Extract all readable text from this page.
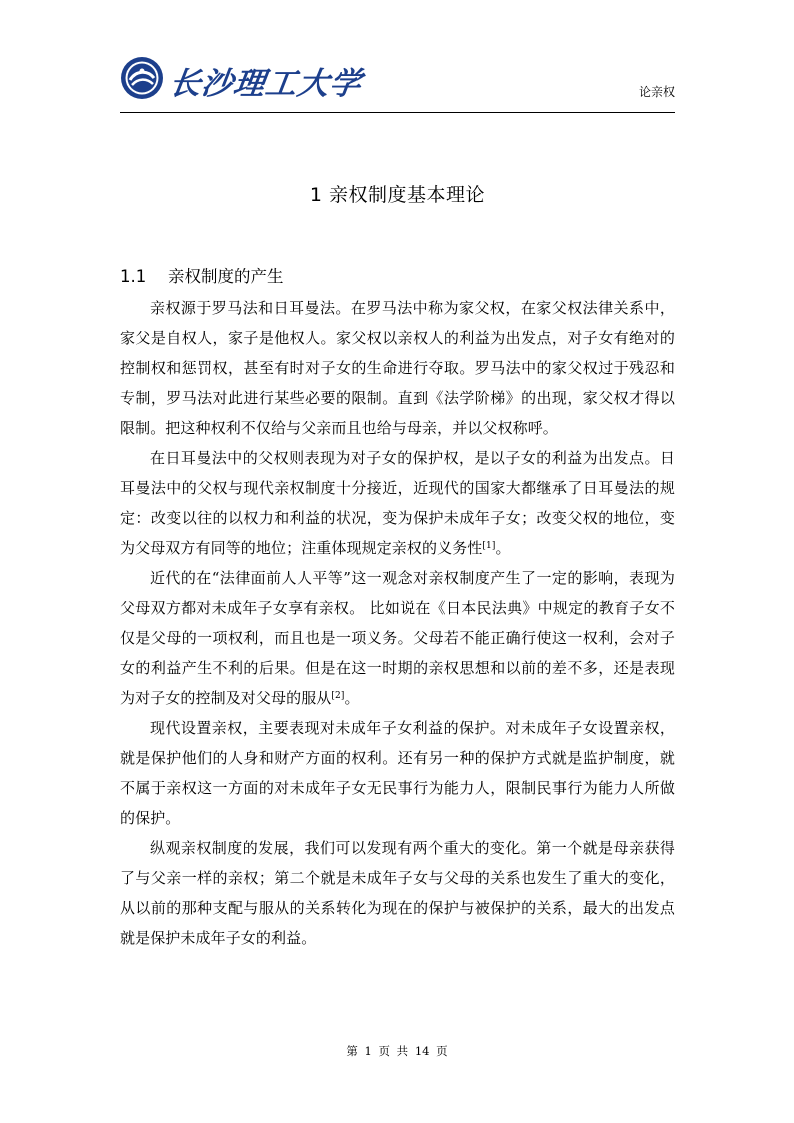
长沙理工大学	论亲权
1 亲权制度基本理论
1.1 亲权制度的产生

亲权源于罗马法和日耳曼法。在罗马法中称为家父权，在家父权法律关系中，家父是自权人，家子是他权人。家父权以亲权人的利益为出发点，对子女有绝对的控制权和惩罚权，甚至有时对子女的生命进行夺取。罗马法中的家父权过于残忍和专制，罗马法对此进行某些必要的限制。直到《法学阶梯》的出现，家父权才得以限制。把这种权利不仅给与父亲而且也给与母亲，并以父权称呼。

在日耳曼法中的父权则表现为对子女的保护权，是以子女的利益为出发点。日耳曼法中的父权与现代亲权制度十分接近，近现代的国家大都继承了日耳曼法的规定：改变以往的以权力和利益的状况，变为保护未成年子女；改变父权的地位，变为父母双方有同等的地位；注重体现规定亲权的义务性[1]。

近代的在“法律面前人人平等”这一观念对亲权制度产生了一定的影响，表现为父母双方都对未成年子女享有亲权。 比如说在《日本民法典》中规定的教育子女不仅是父母的一项权利，而且也是一项义务。父母若不能正确行使这一权利，会对子女的利益产生不利的后果。但是在这一时期的亲权思想和以前的差不多，还是表现为对子女的控制及对父母的服从[2]。

现代设置亲权，主要表现对未成年子女利益的保护。对未成年子女设置亲权，就是保护他们的人身和财产方面的权利。还有另一种的保护方式就是监护制度，就不属于亲权这一方面的对未成年子女无民事行为能力人，限制民事行为能力人所做的保护。

纵观亲权制度的发展，我们可以发现有两个重大的变化。第一个就是母亲获得了与父亲一样的亲权；第二个就是未成年子女与父母的关系也发生了重大的变化，从以前的那种支配与服从的关系转化为现在的保护与被保护的关系，最大的出发点就是保护未成年子女的利益。

第 1 页 共 14 页
